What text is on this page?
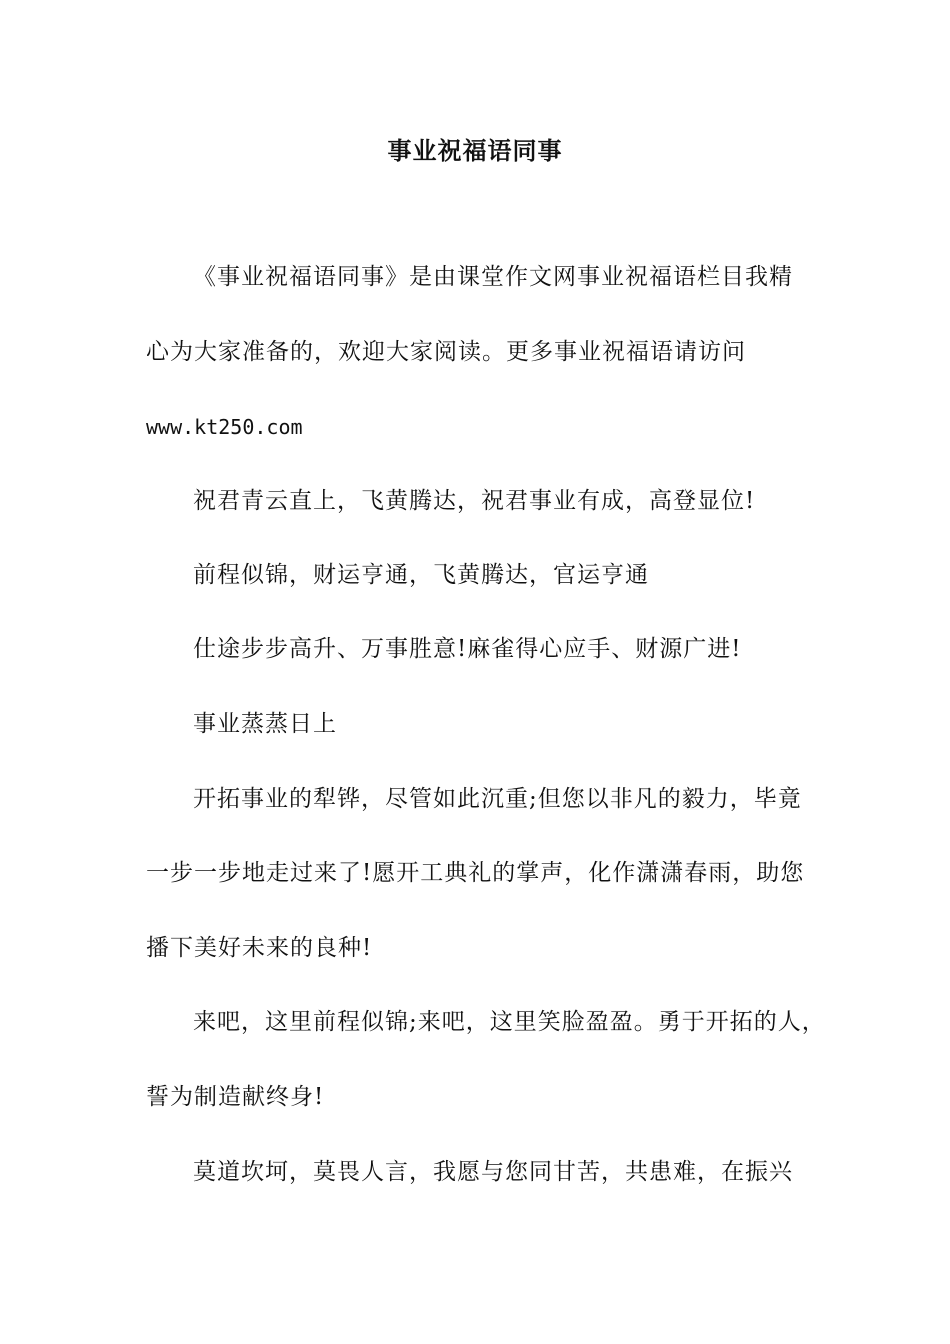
事业祝福语同事
《事业祝福语同事》是由课堂作文网事业祝福语栏目我精
心为大家准备的，欢迎大家阅读。更多事业祝福语请访问
www.kt250.com
祝君青云直上，飞黄腾达，祝君事业有成，高登显位!
前程似锦，财运亨通，飞黄腾达，官运亨通
仕途步步高升、万事胜意!麻雀得心应手、财源广进!
事业蒸蒸日上
开拓事业的犁铧，尽管如此沉重;但您以非凡的毅力，毕竟
一步一步地走过来了!愿开工典礼的掌声，化作潇潇春雨，助您
播下美好未来的良种!
来吧，这里前程似锦;来吧，这里笑脸盈盈。勇于开拓的人，
誓为制造献终身!
莫道坎坷，莫畏人言，我愿与您同甘苦，共患难，在振兴
